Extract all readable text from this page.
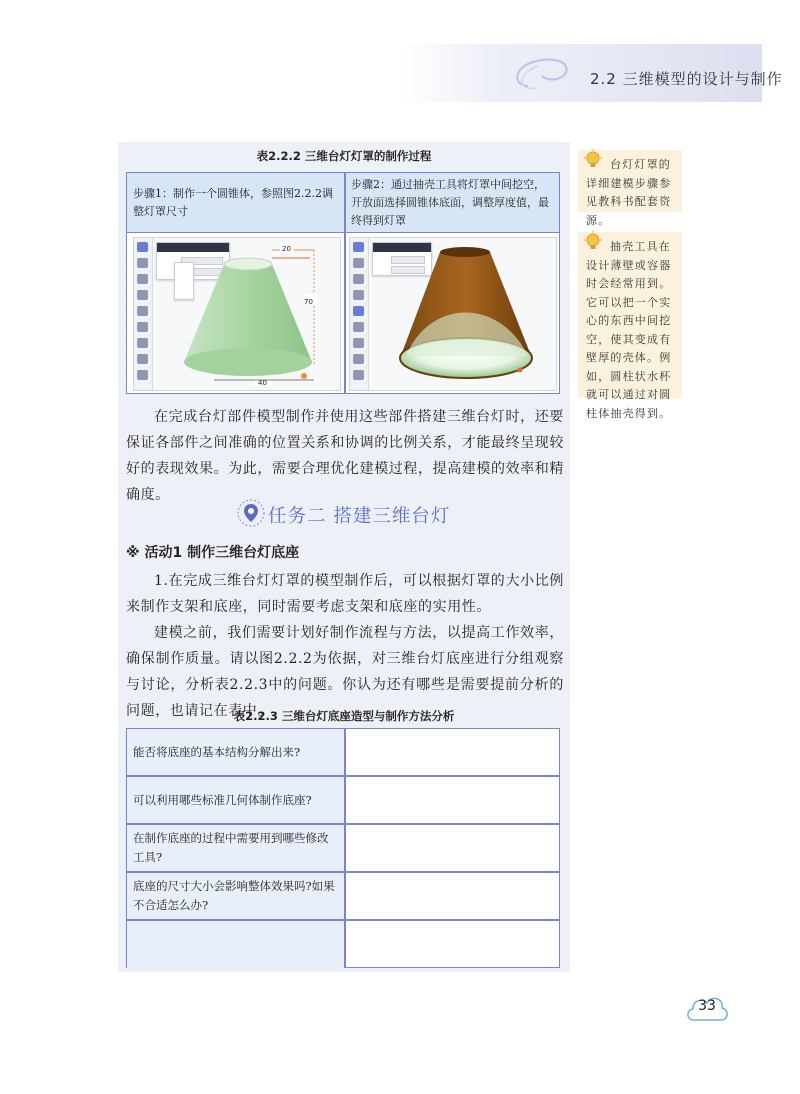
2.2 三维模型的设计与制作
表2.2.2 三维台灯灯罩的制作过程
步骤1：制作一个圆锥体，参照图2.2.2调整灯罩尺寸
步骤2：通过抽壳工具将灯罩中间挖空，开放面选择圆锥体底面，调整厚度值，最终得到灯罩
70
20
40
台灯灯罩的详细建模步骤参见教科书配套资源。
抽壳工具在设计薄壁或容器时会经常用到。它可以把一个实心的东西中间挖空，使其变成有壁厚的壳体。例如，圆柱状水杯就可以通过对圆柱体抽壳得到。
在完成台灯部件模型制作并使用这些部件搭建三维台灯时，还要保证各部件之间准确的位置关系和协调的比例关系，才能最终呈现较好的表现效果。为此，需要合理优化建模过程，提高建模的效率和精确度。
任务二 搭建三维台灯
※ 活动1 制作三维台灯底座
1.在完成三维台灯灯罩的模型制作后，可以根据灯罩的大小比例来制作支架和底座，同时需要考虑支架和底座的实用性。
建模之前，我们需要计划好制作流程与方法，以提高工作效率，确保制作质量。请以图2.2.2为依据，对三维台灯底座进行分组观察与讨论，分析表2.2.3中的问题。你认为还有哪些是需要提前分析的问题，也请记在表中。
表2.2.3 三维台灯底座造型与制作方法分析
能否将底座的基本结构分解出来?
可以利用哪些标准几何体制作底座?
在制作底座的过程中需要用到哪些修改工具?
底座的尺寸大小会影响整体效果吗?如果不合适怎么办?
33
